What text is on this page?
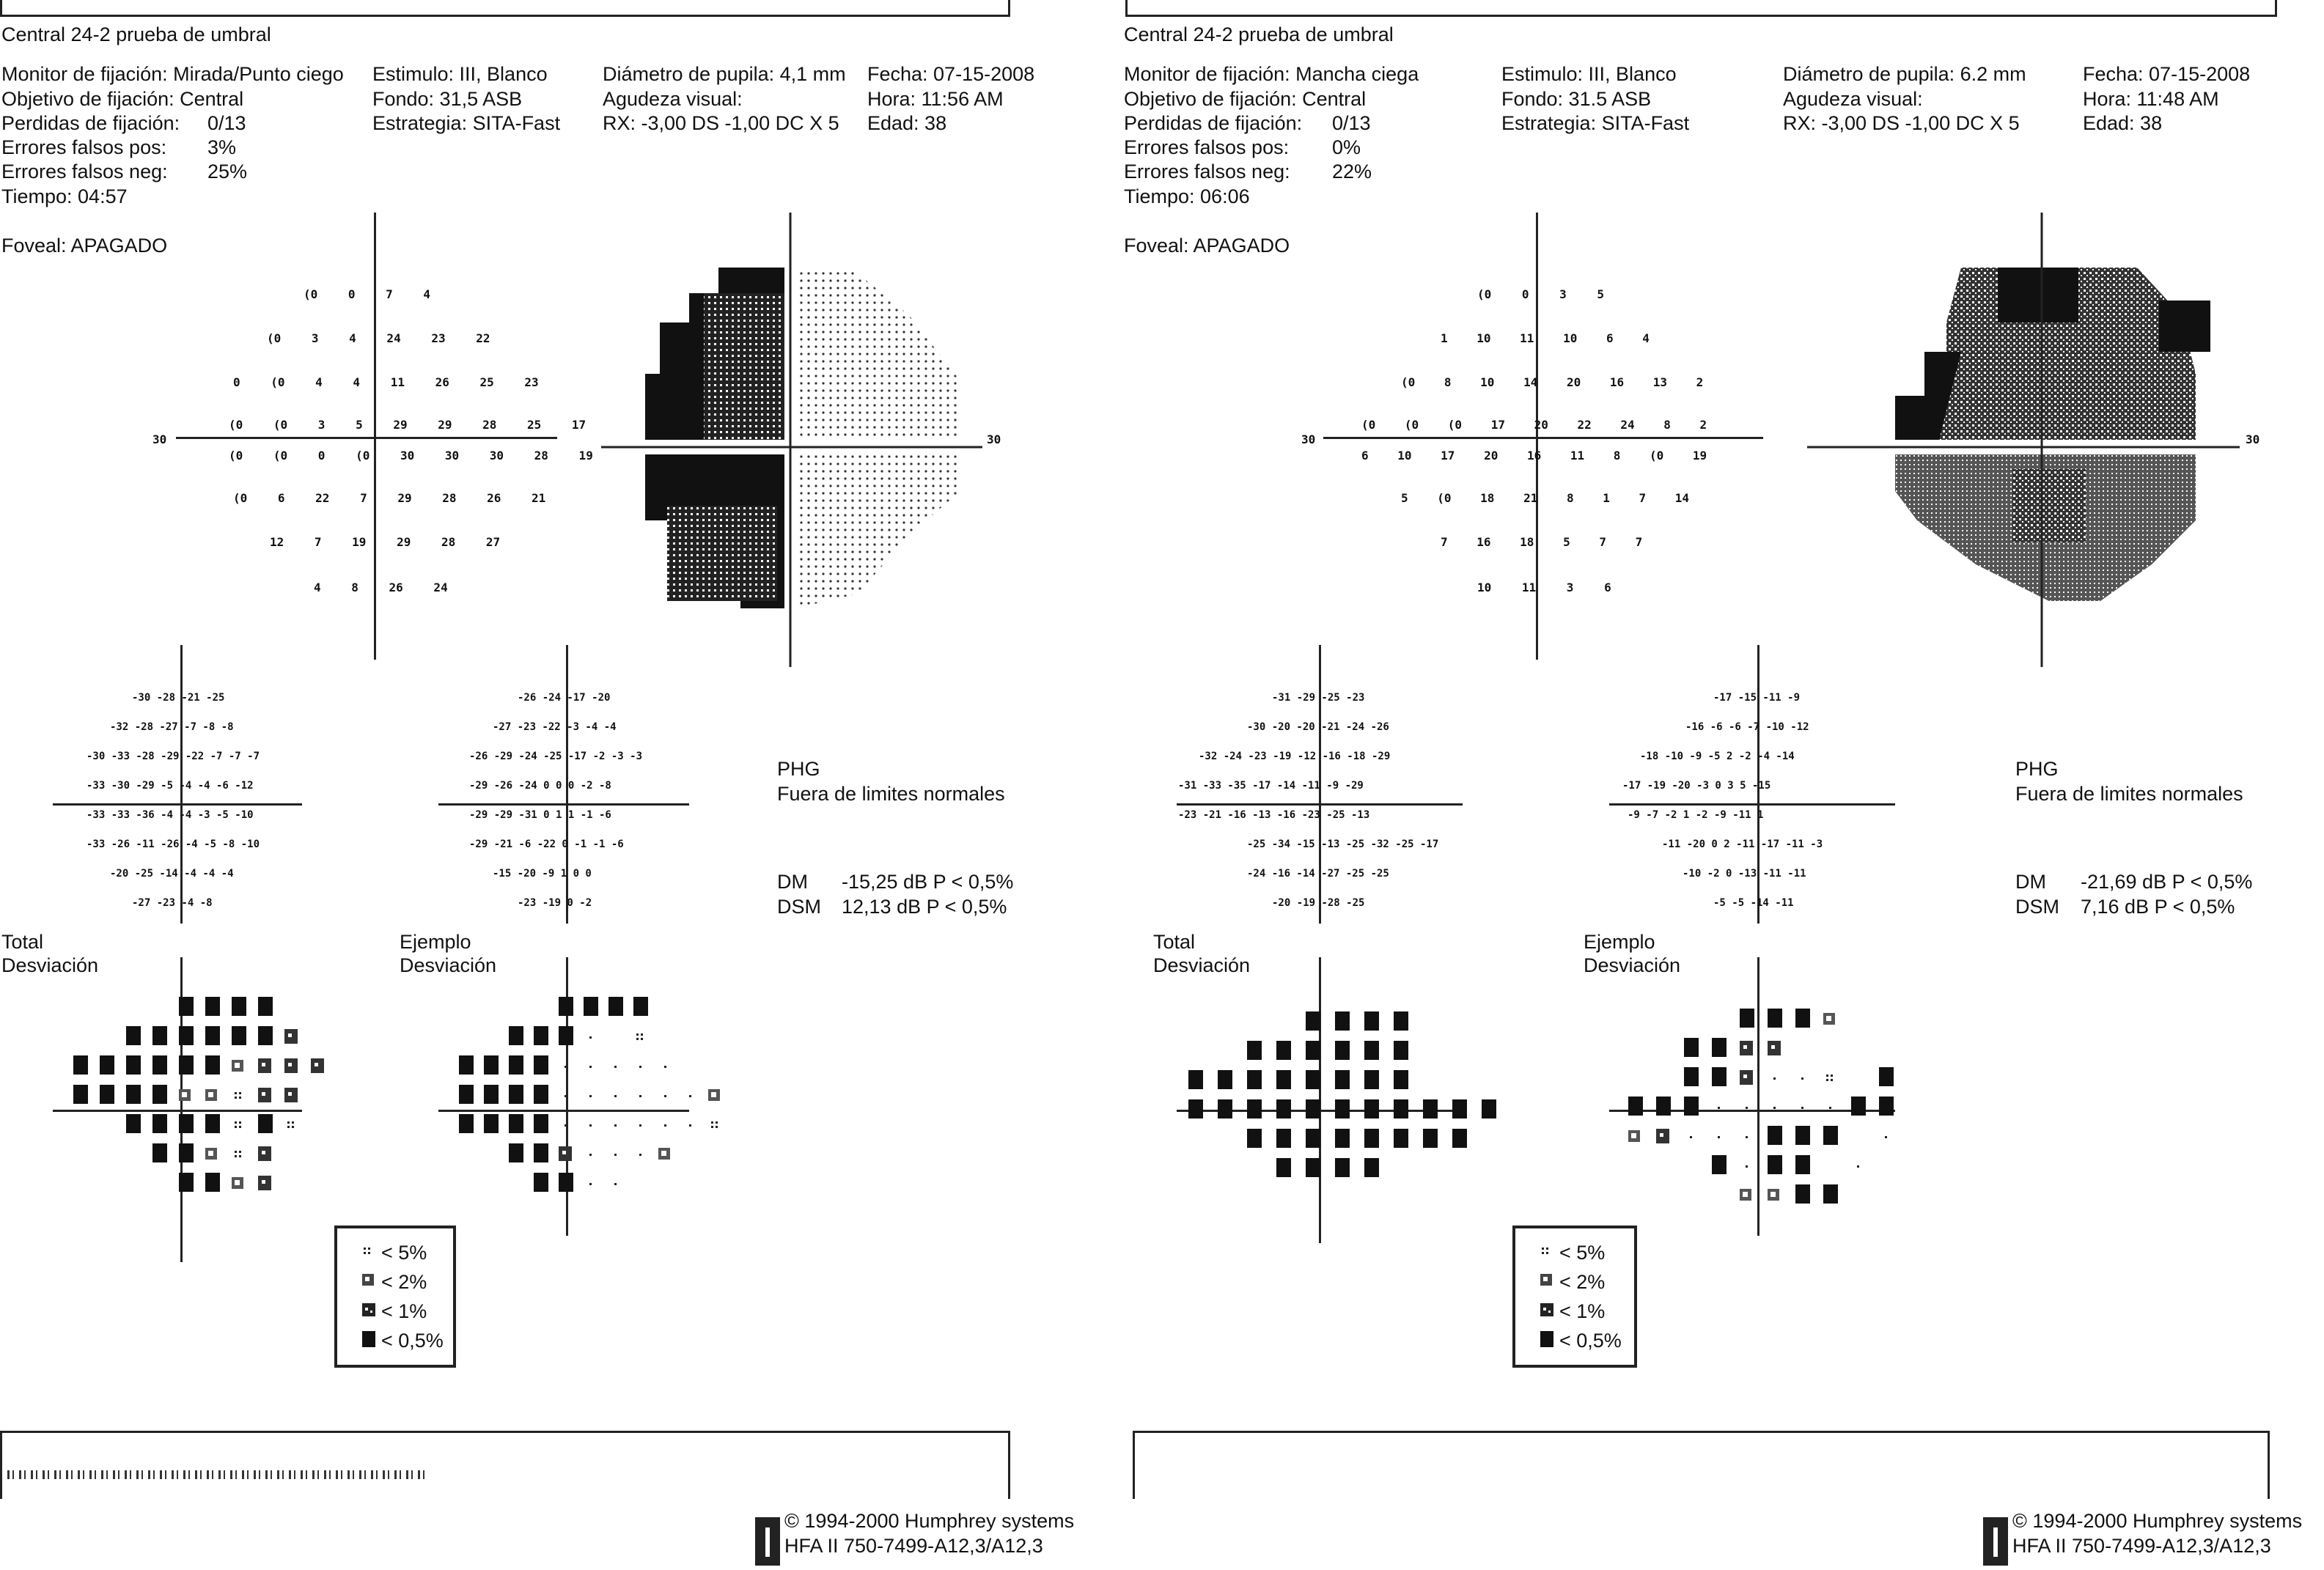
Central 24-2 prueba de umbral
Monitor de fijación: Mirada/Punto ciego
Objetivo de fijación: Central
Perdidas de fijación:
Errores falsos pos:
Errores falsos neg:
Tiempo: 04:57
0/13
3%
25%
Estimulo: III, Blanco
Fondo: 31,5 ASB
Estrategia: SITA-Fast
Diámetro de pupila: 4,1 mm
Agudeza visual:
RX: -3,00 DS -1,00 DC X 5
Fecha: 07-15-2008
Hora: 11:56 AM
Edad: 38
Foveal: APAGADO
30
(0 0 7 4
(0 3 4 24 23 22
0 (0 4 4 11 26 25 23
(0 (0 3 5 29 29 28 25 17
(0 (0 0 (0 30 30 30 28 19
(0 6 22 7 29 28 26 21
12 7 19 29 28 27
4 8 26 24
30
-30 -28 -21 -25
-32 -28 -27 -7 -8 -8
-30 -33 -28 -29 -22 -7 -7 -7
-33 -30 -29 -5 -4 -4 -6 -12
-33 -33 -36 -4 -4 -3 -5 -10
-33 -26 -11 -26 -4 -5 -8 -10
-20 -25 -14 -4 -4 -4
-27 -23 -4 -8
-26 -24 -17 -20
-27 -23 -22 -3 -4 -4
-26 -29 -24 -25 -17 -2 -3 -3
-29 -26 -24 0 0 0 -2 -8
-29 -29 -31 0 1 1 -1 -6
-29 -21 -6 -22 0 -1 -1 -6
-15 -20 -9 1 0 0
-23 -19 0 -2
PHG
Fuera de limites normales
DM -15,25 dB P < 0,5%
DSM 12,13 dB P < 0,5%
Total
Desviación
Ejemplo
Desviación
< 5%
< 2%
< 1%
< 0,5%
© 1994-2000 Humphrey systems
HFA II 750-7499-A12,3/A12,3
Central 24-2 prueba de umbral
Monitor de fijación: Mancha ciega
Objetivo de fijación: Central
Perdidas de fijación:
Errores falsos pos:
Errores falsos neg:
Tiempo: 06:06
0/13
0%
22%
Estimulo: III, Blanco
Fondo: 31.5 ASB
Estrategia: SITA-Fast
Diámetro de pupila: 6.2 mm
Agudeza visual:
RX: -3,00 DS -1,00 DC X 5
Fecha: 07-15-2008
Hora: 11:48 AM
Edad: 38
Foveal: APAGADO
30
(0 0 3 5
1 10 11 10 6 4
(0 8 10 14 20 16 13 2
(0 (0 (0 17 20 22 24 8 2
6 10 17 20 16 11 8 (0 19
5 (0 18 21 8 1 7 14
7 16 18 5 7 7
10 11 3 6
30
-31 -29 -25 -23
-30 -20 -20 -21 -24 -26
-32 -24 -23 -19 -12 -16 -18 -29
-31 -33 -35 -17 -14 -11 -9 -29
-23 -21 -16 -13 -16 -23 -25 -13
-25 -34 -15 -13 -25 -32 -25 -17
-24 -16 -14 -27 -25 -25
-20 -19 -28 -25
-17 -15 -11 -9
-16 -6 -6 -7 -10 -12
-18 -10 -9 -5 2 -2 -4 -14
-17 -19 -20 -3 0 3 5 -15
-9 -7 -2 1 -2 -9 -11 1
-11 -20 0 2 -11 -17 -11 -3
-10 -2 0 -13 -11 -11
-5 -5 -14 -11
PHG
Fuera de limites normales
DM -21,69 dB P < 0,5%
DSM 7,16 dB P < 0,5%
Total
Desviación
Ejemplo
Desviación
< 5%
< 2%
< 1%
< 0,5%
© 1994-2000 Humphrey systems
HFA II 750-7499-A12,3/A12,3
